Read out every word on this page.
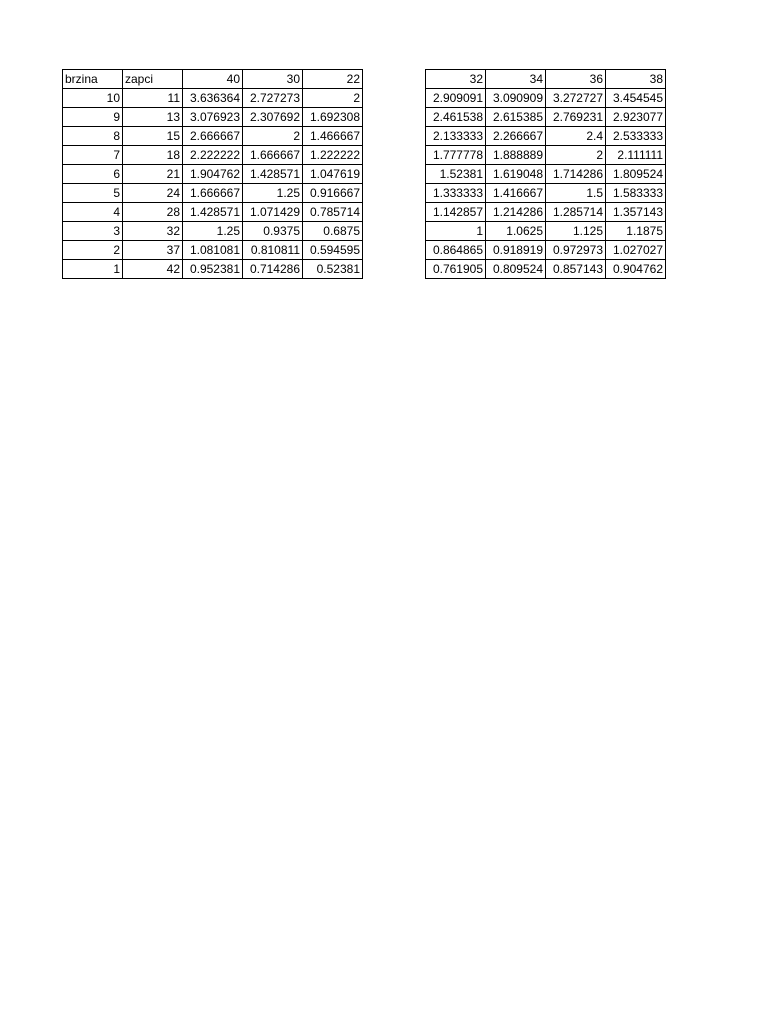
brzina	zapci	40	30	22
10	11	3.636364	2.727273	2
9	13	3.076923	2.307692	1.692308
8	15	2.666667	2	1.466667
7	18	2.222222	1.666667	1.222222
6	21	1.904762	1.428571	1.047619
5	24	1.666667	1.25	0.916667
4	28	1.428571	1.071429	0.785714
3	32	1.25	0.9375	0.6875
2	37	1.081081	0.810811	0.594595
1	42	0.952381	0.714286	0.52381
32	34	36	38
2.909091	3.090909	3.272727	3.454545
2.461538	2.615385	2.769231	2.923077
2.133333	2.266667	2.4	2.533333
1.777778	1.888889	2	2.111111
1.52381	1.619048	1.714286	1.809524
1.333333	1.416667	1.5	1.583333
1.142857	1.214286	1.285714	1.357143
1	1.0625	1.125	1.1875
0.864865	0.918919	0.972973	1.027027
0.761905	0.809524	0.857143	0.904762
